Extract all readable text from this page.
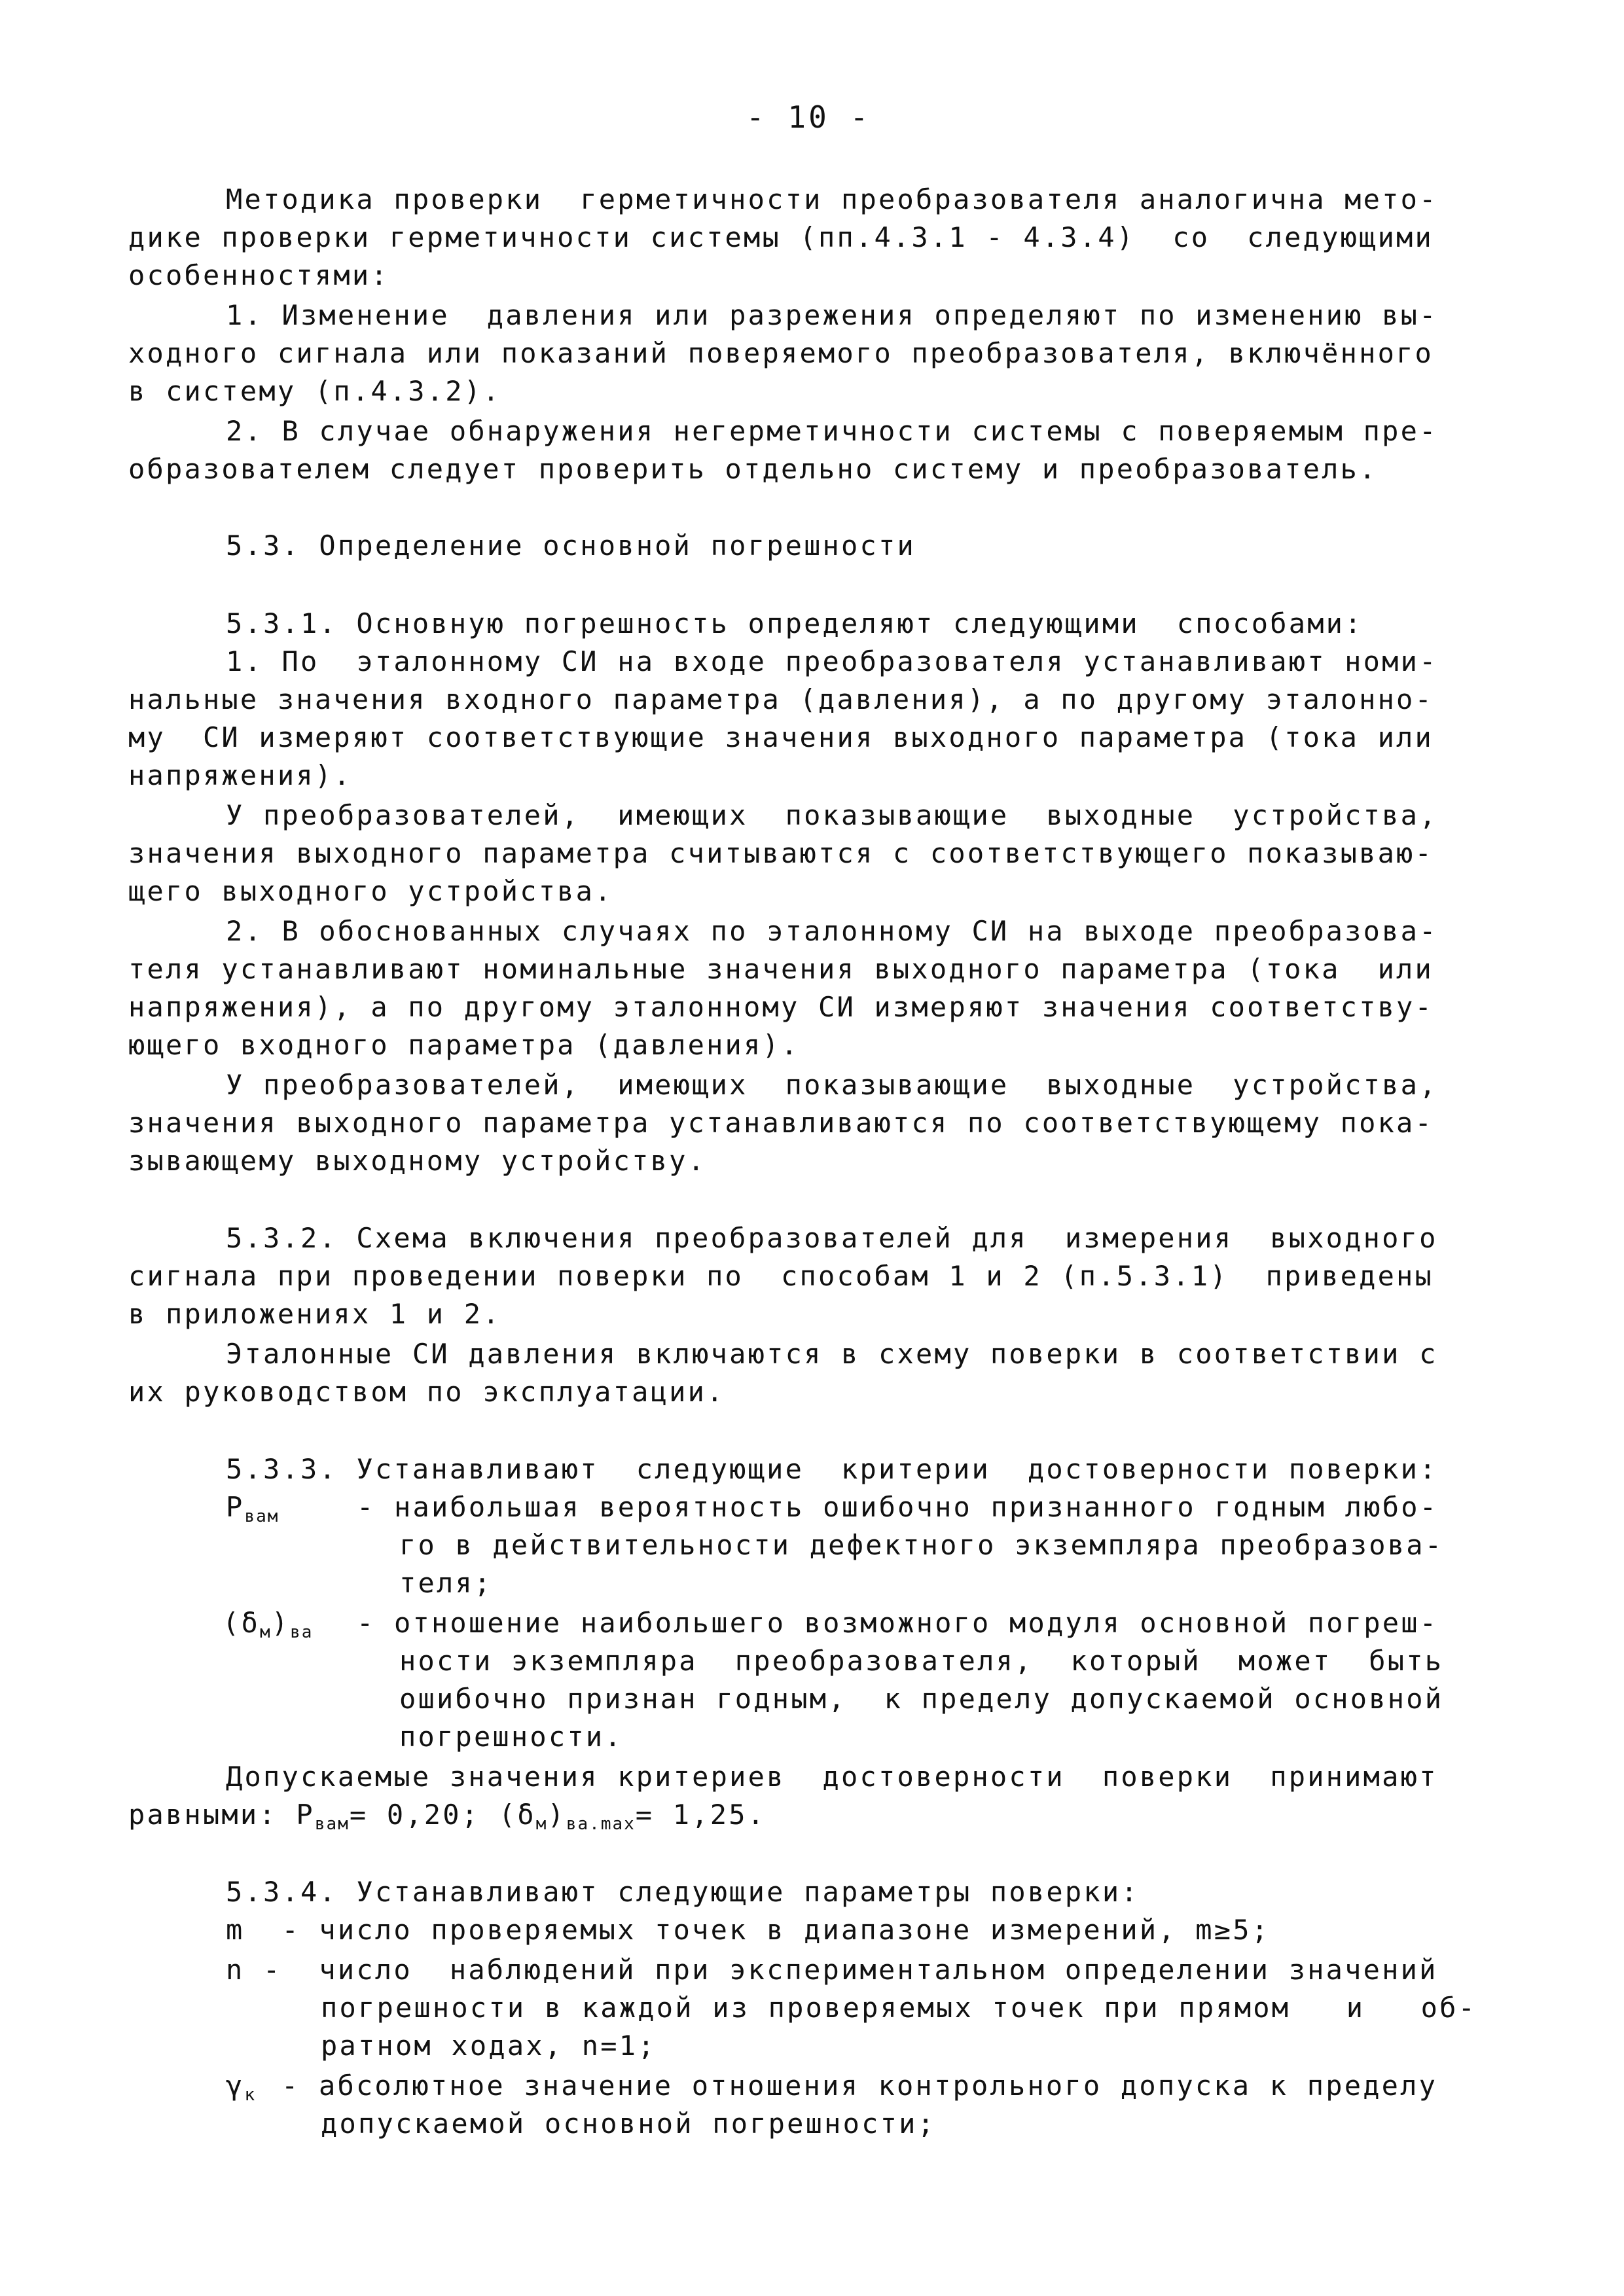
- 10 -
Методика проверки  герметичности преобразователя аналогична мето-
дике проверки герметичности системы (пп.4.3.1 - 4.3.4)  со  следующими
особенностями:
1. Изменение  давления или разрежения определяют по изменению вы-
ходного сигнала или показаний поверяемого преобразователя, включённого
в систему (п.4.3.2).
2. В случае обнаружения негерметичности системы с поверяемым пре-
образователем следует проверить отдельно систему и преобразователь.
5.3. Определение основной погрешности
5.3.1. Основную погрешность определяют следующими  способами:
1. По  эталонному СИ на входе преобразователя устанавливают номи-
нальные значения входного параметра (давления), а по другому эталонно-
му  СИ измеряют соответствующие значения выходного параметра (тока или
напряжения).
У преобразователей,  имеющих  показывающие  выходные  устройства,
значения выходного параметра считываются с соответствующего показываю-
щего выходного устройства.
2. В обоснованных случаях по эталонному СИ на выходе преобразова-
теля устанавливают номинальные значения выходного параметра (тока  или
напряжения), а по другому эталонному СИ измеряют значения соответству-
ющего входного параметра (давления).
У преобразователей,  имеющих  показывающие  выходные  устройства,
значения выходного параметра устанавливаются по соответствующему пока-
зывающему выходному устройству.
5.3.2. Схема включения преобразователей для  измерения  выходного
сигнала при проведении поверки по  способам 1 и 2 (п.5.3.1)  приведены
в приложениях 1 и 2.
Эталонные СИ давления включаются в схему поверки в соответствии с
их руководством по эксплуатации.
5.3.3. Устанавливают  следующие  критерии  достоверности поверки:
$Р_{вам}$	- наибольшая вероятность ошибочно признанного годным любо-
го в действительности дефектного экземпляра преобразова-
теля;
$(\delta_м)_{ва}$ - отношение наибольшего возможного модуля основной погреш-
ности экземпляра  преобразователя,  который  может  быть
ошибочно признан годным,  к пределу допускаемой основной
погрешности.
Допускаемые значения критериев  достоверности  поверки  принимают
равными: $Р_{вам}= 0,20$; $(\delta_м)_{ва.max}= 1,25$.
5.3.4. Устанавливают следующие параметры поверки:
m  - число проверяемых точек в диапазоне измерений, m≥5;
n -  число  наблюдений при экспериментальном определении значений
погрешности в каждой из проверяемых точек при прямом   и   об-
ратном ходах, n=1;
$\gamma_к$ - абсолютное значение отношения контрольного допуска к пределу
допускаемой основной погрешности;
